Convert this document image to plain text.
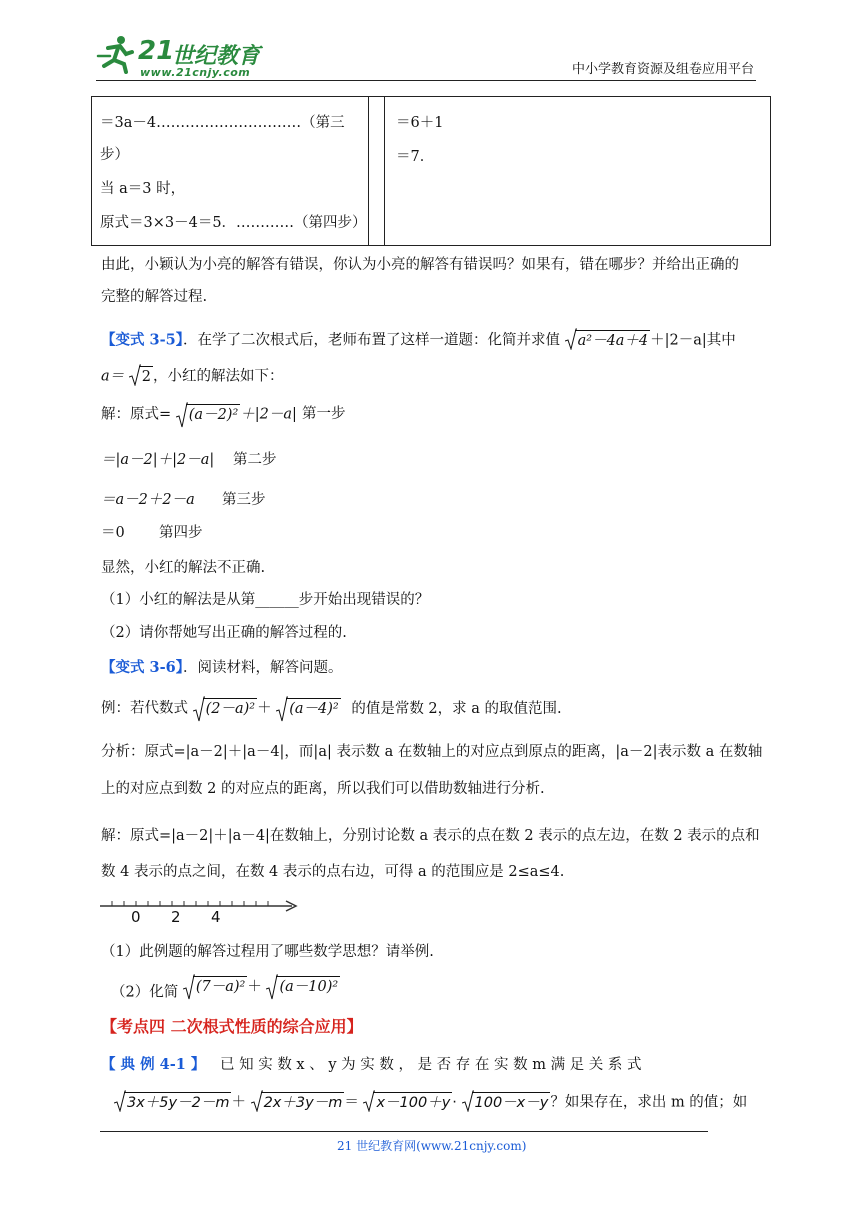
21
世纪教育
www.21cnjy.com	中小学教育资源及组卷应用平台
＝3a－4…………………………（第三
步）
当 a＝3 时，
原式＝3×3－4＝5．…………（第四步）
＝6＋1
＝7．
由此，小颖认为小亮的解答有错误，你认为小亮的解答有错误吗？如果有，错在哪步？并给出正确的
完整的解答过程.
【变式 3-5】．在学了二次根式后，老师布置了这样一道题：化简并求值 a²－4a＋4 ＋|2－a|其中
a＝ 2 ，小红的解法如下：
解：原式= (a－2)² ＋|2－a| 第一步
＝|a－2|＋|2－a| 第二步
＝a－2＋2－a 第三步
＝0 第四步
显然，小红的解法不正确.
（1）小红的解法是从第______步开始出现错误的？
（2）请你帮她写出正确的解答过程的.
【变式 3-6】．阅读材料，解答问题。
例：若代数式 (2－a)² ＋ (a－4)² 的值是常数 2，求 a 的取值范围.
分析：原式=|a－2|＋|a－4|，而|a| 表示数 a 在数轴上的对应点到原点的距离，|a－2|表示数 a 在数轴
上的对应点到数 2 的对应点的距离，所以我们可以借助数轴进行分析.
解：原式=|a－2|＋|a－4|在数轴上，分别讨论数 a 表示的点在数 2 表示的点左边，在数 2 表示的点和
数 4 表示的点之间，在数 4 表示的点右边，可得 a 的范围应是 2≤a≤4.
0 2 4
（1）此例题的解答过程用了哪些数学思想？请举例.
（2）化简 (7－a)² ＋ (a－10)²
【考点四 二次根式性质的综合应用】
【 典 例 4-1 】 已 知 实 数 x 、 y 为 实 数 ， 是 否 存 在 实 数 m 满 足 关 系 式
3x＋5y－2－m ＋ 2x＋3y－m ＝ x－100＋y · 100－x－y ？如果存在，求出 m 的值；如
21 世纪教育网(www.21cnjy.com)
